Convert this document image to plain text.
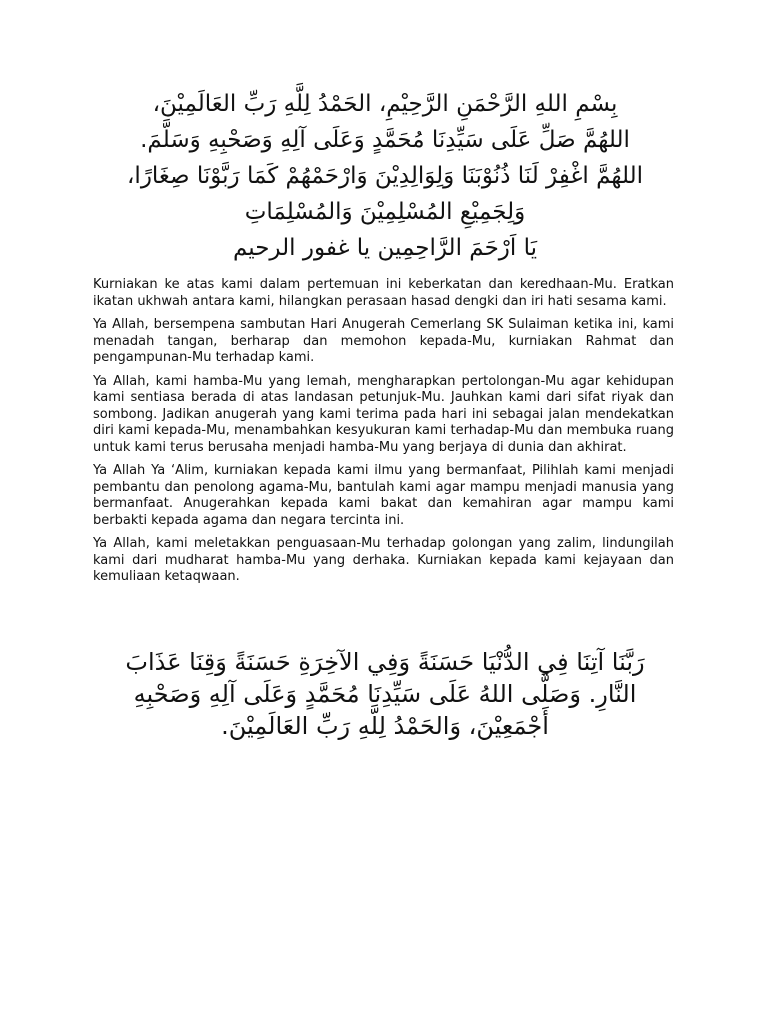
بِسْمِ اللهِ الرَّحْمَنِ الرَّحِيْمِ، الحَمْدُ لِلَّهِ رَبِّ العَالَمِيْنَ،
اللهُمَّ صَلِّ عَلَى سَيِّدِنَا مُحَمَّدٍ وَعَلَى آلِهِ وَصَحْبِهِ وَسَلَّمَ.
اللهُمَّ اغْفِرْ لَنَا ذُنُوْبَنَا وَلِوَالِدِيْنَ وَارْحَمْهُمْ كَمَا رَبَّوْنَا صِغَارًا،
وَلِجَمِيْعِ المُسْلِمِيْنَ وَالمُسْلِمَاتِ
يَا اَرْحَمَ الرَّاحِمِين يا غفور الرحيم

Kurniakan ke atas kami dalam pertemuan ini keberkatan dan keredhaan-Mu. Eratkan ikatan ukhwah antara kami, hilangkan perasaan hasad dengki dan iri hati sesama kami.

Ya Allah, bersempena sambutan Hari Anugerah Cemerlang SK Sulaiman ketika ini, kami menadah tangan, berharap dan memohon kepada-Mu, kurniakan Rahmat dan pengampunan-Mu terhadap kami.

Ya Allah, kami hamba-Mu yang lemah, mengharapkan pertolongan-Mu agar kehidupan kami sentiasa berada di atas landasan petunjuk-Mu. Jauhkan kami dari sifat riyak dan sombong. Jadikan anugerah yang kami terima pada hari ini sebagai jalan mendekatkan diri kami kepada-Mu, menambahkan kesyukuran kami terhadap-Mu dan membuka ruang untuk kami terus berusaha menjadi hamba-Mu yang berjaya di dunia dan akhirat.

Ya Allah Ya ‘Alim, kurniakan kepada kami ilmu yang bermanfaat, Pilihlah kami menjadi pembantu dan penolong agama-Mu, bantulah kami agar mampu menjadi manusia yang bermanfaat. Anugerahkan kepada kami bakat dan kemahiran agar mampu kami berbakti kepada agama dan negara tercinta ini.

Ya Allah, kami meletakkan penguasaan-Mu terhadap golongan yang zalim, lindungilah kami dari mudharat hamba-Mu yang derhaka. Kurniakan kepada kami kejayaan dan kemuliaan ketaqwaan.

رَبَّنَا آتِنَا فِي الدُّنْيَا حَسَنَةً وَفِي الآخِرَةِ حَسَنَةً وَقِنَا عَذَابَ
النَّارِ. وَصَلَّى اللهُ عَلَى سَيِّدِنَا مُحَمَّدٍ وَعَلَى آلِهِ وَصَحْبِهِ
أَجْمَعِيْنَ، وَالحَمْدُ لِلَّهِ رَبِّ العَالَمِيْنَ.
